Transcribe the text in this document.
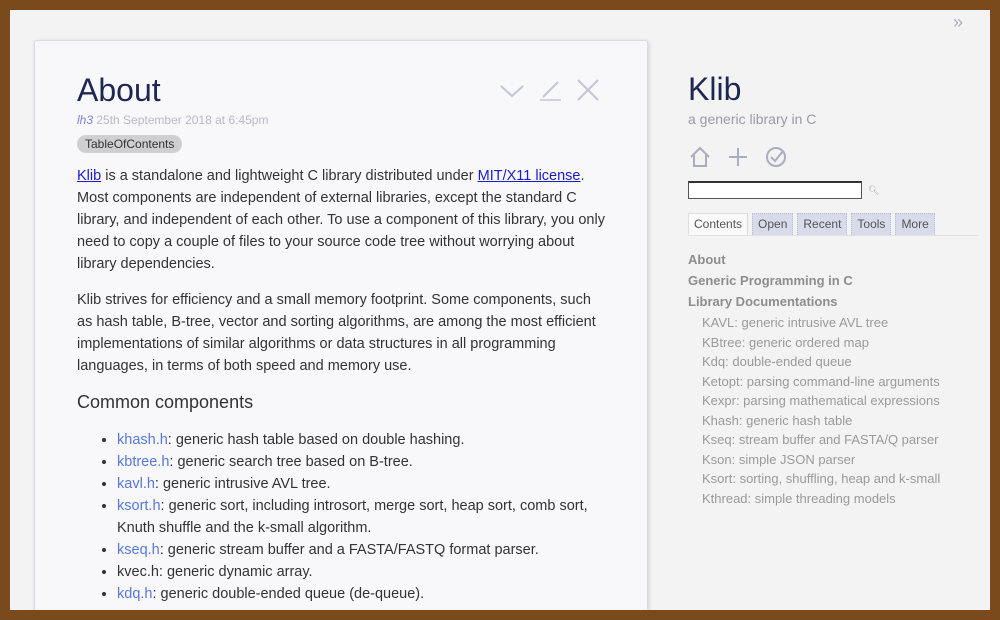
»
About
lh3 25th September 2018 at 6:45pm
TableOfContents

Klib is a standalone and lightweight C library distributed under MIT/X11 license. Most components are independent of external libraries, except the standard C library, and independent of each other. To use a component of this library, you only need to copy a couple of files to your source code tree without worrying about library dependencies.

Klib strives for efficiency and a small memory footprint. Some components, such as hash table, B-tree, vector and sorting algorithms, are among the most efficient implementations of similar algorithms or data structures in all programming languages, in terms of both speed and memory use.

Common components
• khash.h: generic hash table based on double hashing.
• kbtree.h: generic search tree based on B-tree.
• kavl.h: generic intrusive AVL tree.
• ksort.h: generic sort, including introsort, merge sort, heap sort, comb sort, Knuth shuffle and the k-small algorithm.
• kseq.h: generic stream buffer and a FASTA/FASTQ format parser.
• kvec.h: generic dynamic array.
• kdq.h: generic double-ended queue (de-queue).
Klib
a generic library in C
🔍︎
Contents	Open	Recent	Tools	More
About
Generic Programming in C
Library Documentations
KAVL: generic intrusive AVL tree
KBtree: generic ordered map
Kdq: double-ended queue
Ketopt: parsing command-line arguments
Kexpr: parsing mathematical expressions
Khash: generic hash table
Kseq: stream buffer and FASTA/Q parser
Kson: simple JSON parser
Ksort: sorting, shuffling, heap and k-small
Kthread: simple threading models
